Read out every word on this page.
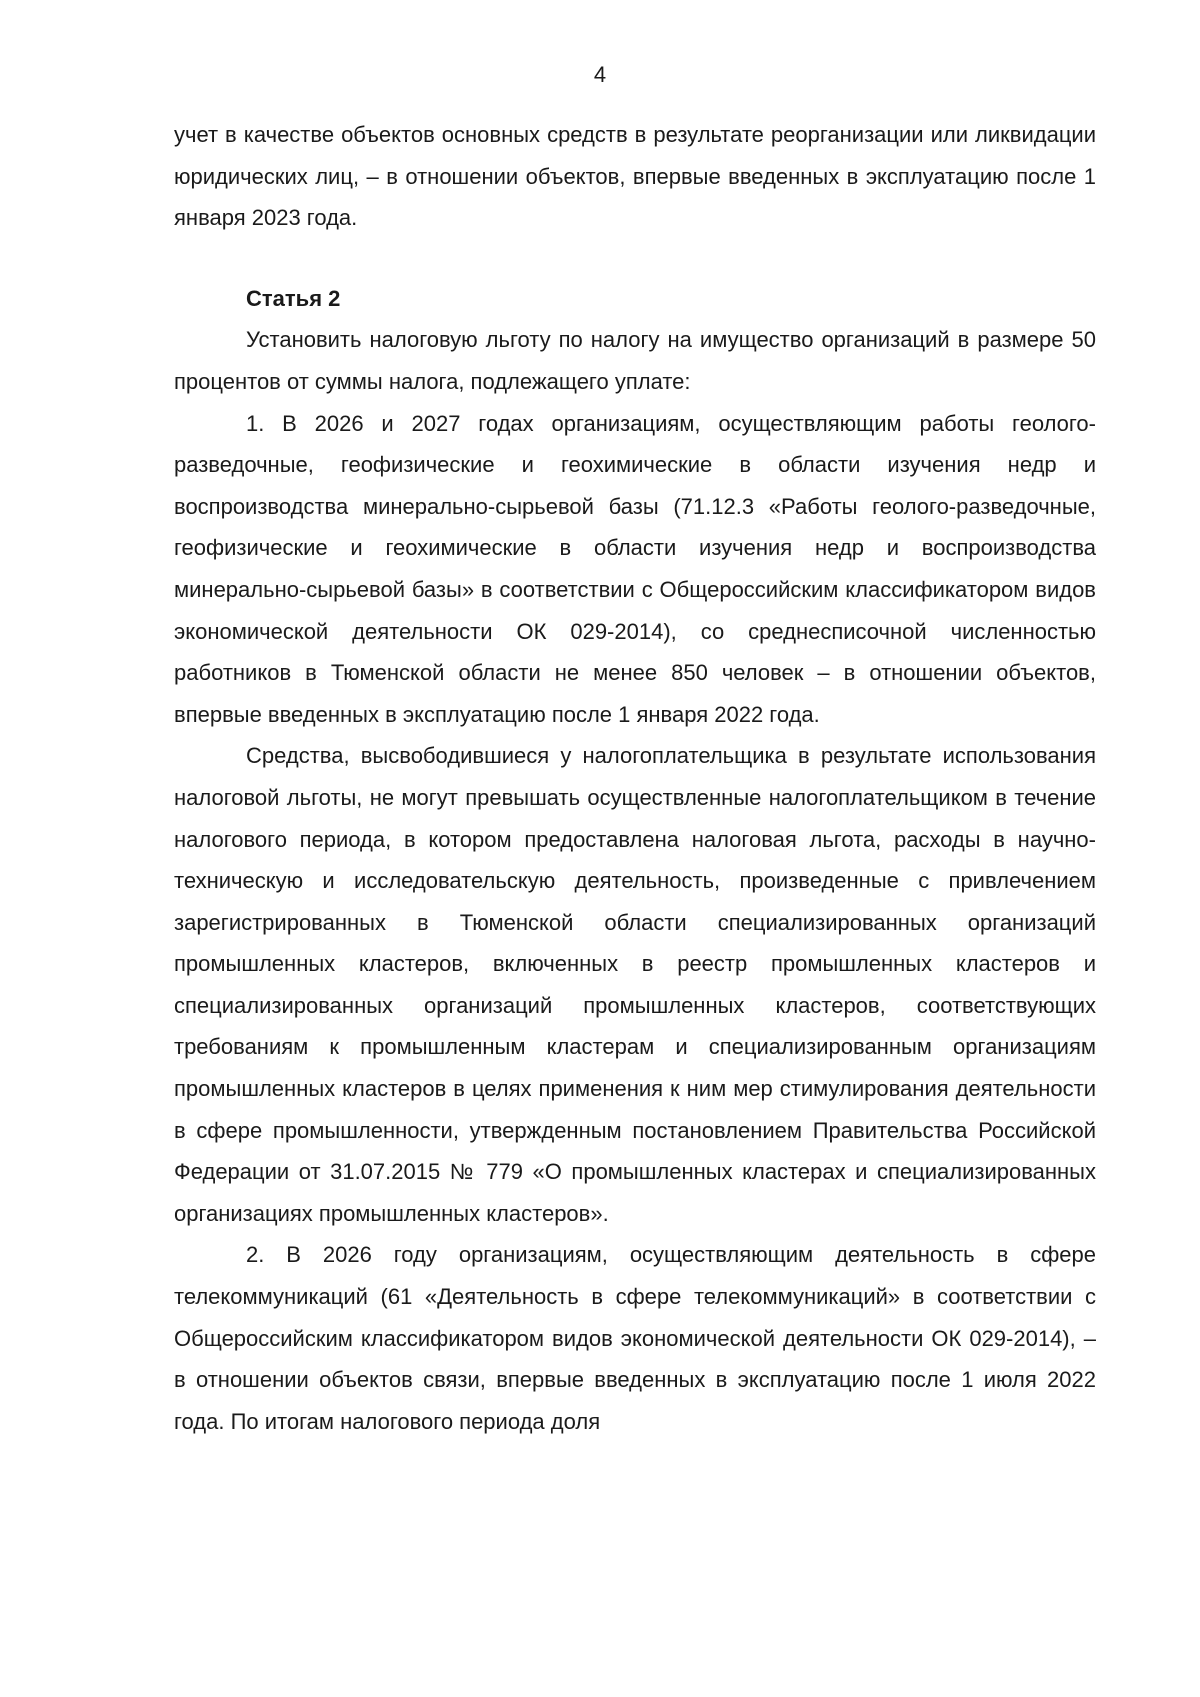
4

учет в качестве объектов основных средств в результате реорганизации или ликвидации юридических лиц, – в отношении объектов, впервые введенных в эксплуатацию после 1 января 2023 года.

Статья 2

Установить налоговую льготу по налогу на имущество организаций в размере 50 процентов от суммы налога, подлежащего уплате:

1. В 2026 и 2027 годах организациям, осуществляющим работы геолого-разведочные, геофизические и геохимические в области изучения недр и воспроизводства минерально-сырьевой базы (71.12.3 «Работы геолого-разведочные, геофизические и геохимические в области изучения недр и воспроизводства минерально-сырьевой базы» в соответствии с Общероссийским классификатором видов экономической деятельности ОК 029-2014), со среднесписочной численностью работников в Тюменской области не менее 850 человек – в отношении объектов, впервые введенных в эксплуатацию после 1 января 2022 года.

Средства, высвободившиеся у налогоплательщика в результате использования налоговой льготы, не могут превышать осуществленные налогоплательщиком в течение налогового периода, в котором предоставлена налоговая льгота, расходы в научно-техническую и исследовательскую деятельность, произведенные с привлечением зарегистрированных в Тюменской области специализированных организаций промышленных кластеров, включенных в реестр промышленных кластеров и специализированных организаций промышленных кластеров, соответствующих требованиям к промышленным кластерам и специализированным организациям промышленных кластеров в целях применения к ним мер стимулирования деятельности в сфере промышленности, утвержденным постановлением Правительства Российской Федерации от 31.07.2015 № 779 «О промышленных кластерах и специализированных организациях промышленных кластеров».

2. В 2026 году организациям, осуществляющим деятельность в сфере телекоммуникаций (61 «Деятельность в сфере телекоммуникаций» в соответствии с Общероссийским классификатором видов экономической деятельности ОК 029-2014), – в отношении объектов связи, впервые введенных в эксплуатацию после 1 июля 2022 года. По итогам налогового периода доля
